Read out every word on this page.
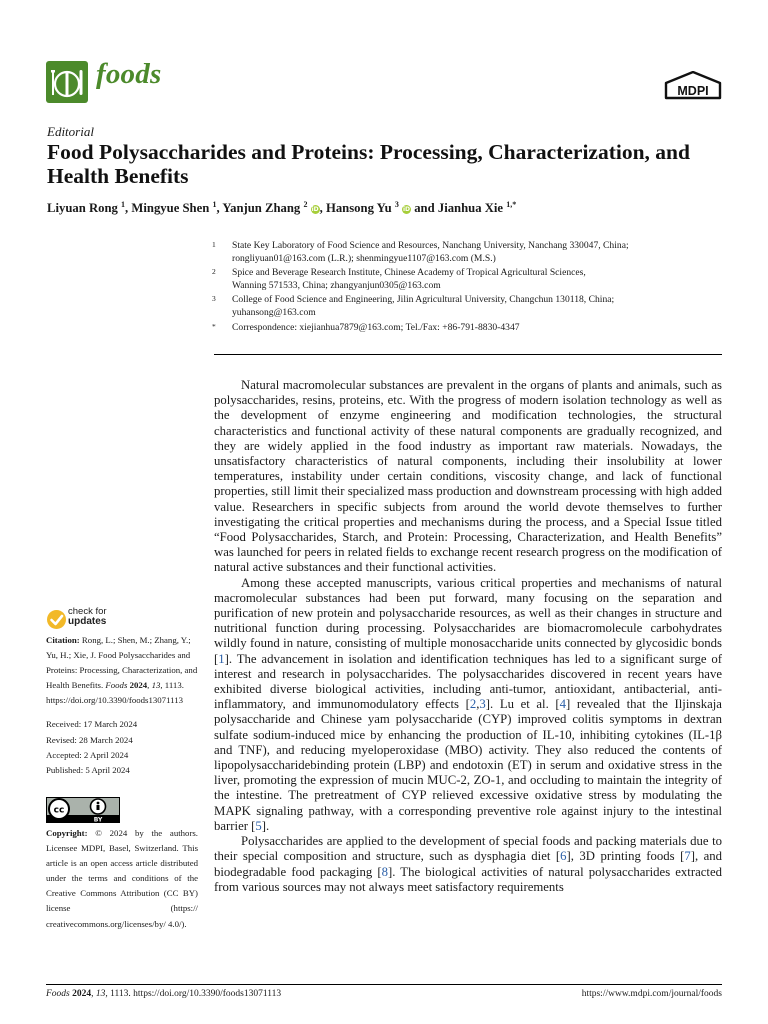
foods
MDPI
Editorial
Food Polysaccharides and Proteins: Processing, Characterization, and Health Benefits
Liyuan Rong $^1$, Mingyue Shen $^1$, Yanjun Zhang $^2$ iD, Hansong Yu $^3$ iD and Jianhua Xie $^{1,*}$
1	State Key Laboratory of Food Science and Resources, Nanchang University, Nanchang 330047, China;
rongliyuan01@163.com (L.R.); shenmingyue1107@163.com (M.S.)
2	Spice and Beverage Research Institute, Chinese Academy of Tropical Agricultural Sciences,
Wanning 571533, China; zhangyanjun0305@163.com
3	College of Food Science and Engineering, Jilin Agricultural University, Changchun 130118, China;
yuhansong@163.com
*	Correspondence: xiejianhua7879@163.com; Tel./Fax: +86-791-8830-4347

Natural macromolecular substances are prevalent in the organs of plants and animals, such as polysaccharides, resins, proteins, etc. With the progress of modern isolation technology as well as the development of enzyme engineering and modification technologies, the structural characteristics and functional activity of these natural components are gradually recognized, and they are widely applied in the food industry as important raw materials. Nowadays, the unsatisfactory characteristics of natural components, including their insolubility at lower temperatures, instability under certain conditions, viscosity change, and lack of functional properties, still limit their specialized mass production and downstream processing with high added value. Researchers in specific subjects from around the world devote themselves to further investigating the critical properties and mechanisms during the process, and a Special Issue titled “Food Polysaccharides, Starch, and Protein: Processing, Characterization, and Health Benefits” was launched for peers in related fields to exchange recent research progress on the modification of natural active substances and their functional activities.

Among these accepted manuscripts, various critical properties and mechanisms of natural macromolecular substances had been put forward, many focusing on the separation and purification of new protein and polysaccharide resources, as well as their changes in structure and nutritional function during processing. Polysaccharides are biomacromolecule carbohydrates wildly found in nature, consisting of multiple monosaccharide units connected by glycosidic bonds [1]. The advancement in isolation and identification techniques has led to a significant surge of interest and research in polysaccharides. The polysaccharides discovered in recent years have exhibited diverse biological activities, including anti-tumor, antioxidant, antibacterial, anti-inflammatory, and immunomodulatory effects [2,3]. Lu et al. [4] revealed that the Iljinskaja polysaccharide and Chinese yam polysaccharide (CYP) improved colitis symptoms in dextran sulfate sodium-induced mice by enhancing the production of IL-10, inhibiting cytokines (IL-1β and TNF), and reducing myeloperoxidase (MBO) activity. They also reduced the contents of lipopolysaccharidebinding protein (LBP) and endotoxin (ET) in serum and oxidative stress in the liver, promoting the expression of mucin MUC-2, ZO-1, and occluding to maintain the integrity of the intestine. The pretreatment of CYP relieved excessive oxidative stress by modulating the MAPK signaling pathway, with a corresponding preventive role against injury to the intestinal barrier [5].

Polysaccharides are applied to the development of special foods and packing materials due to their special composition and structure, such as dysphagia diet [6], 3D printing foods [7], and biodegradable food packaging [8]. The biological activities of natural polysaccharides extracted from various sources may not always meet satisfactory requirements

check for
updates
Citation: Rong, L.; Shen, M.; Zhang, Y.; Yu, H.; Xie, J. Food Polysaccharides and Proteins: Processing, Characterization, and Health Benefits. Foods 2024, 13, 1113. https://doi.org/10.3390/foods13071113
Received: 17 March 2024
Revised: 28 March 2024
Accepted: 2 April 2024
Published: 5 April 2024
cc
BY
Copyright: © 2024 by the authors. Licensee MDPI, Basel, Switzerland. This article is an open access article distributed under the terms and conditions of the Creative Commons Attribution (CC BY) license (https:// creativecommons.org/licenses/by/ 4.0/).
Foods 2024, 13, 1113. https://doi.org/10.3390/foods13071113	https://www.mdpi.com/journal/foods
